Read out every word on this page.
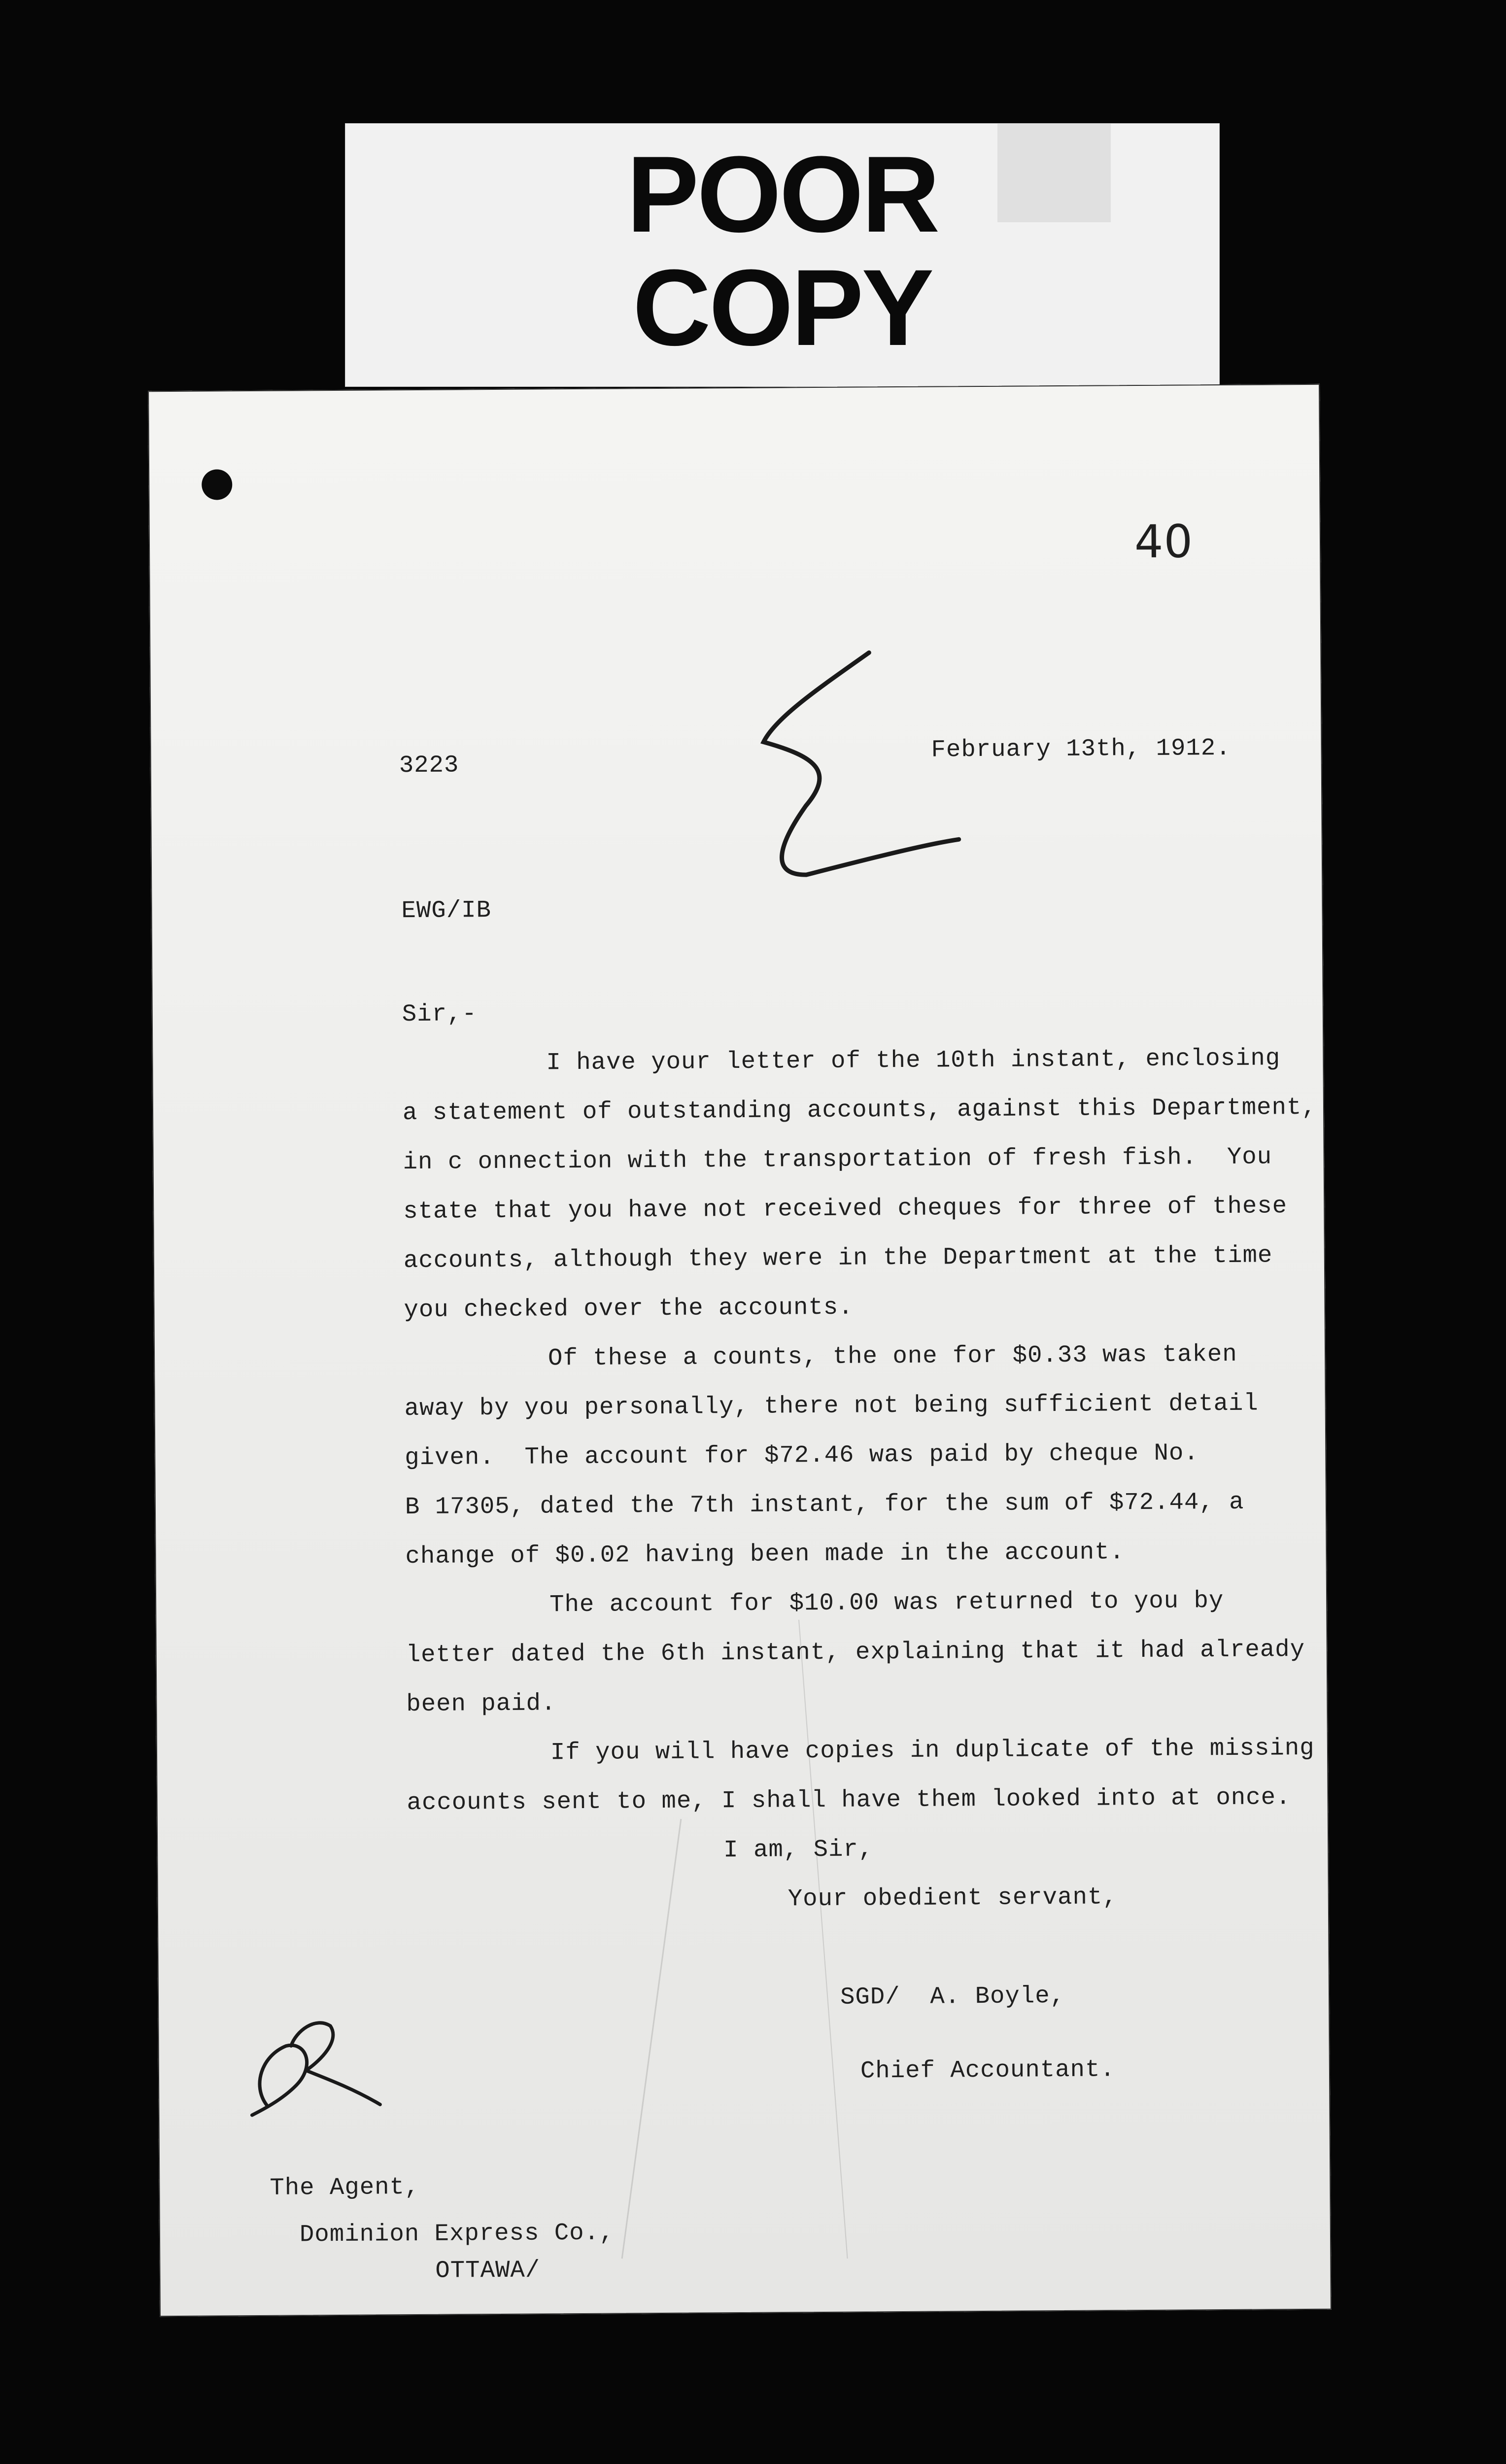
POOR
COPY
40
3223
February 13th, 1912.
EWG/IB
Sir,-
I have your letter of the 10th instant, enclosing
a statement of outstanding accounts, against this Department,
in c onnection with the transportation of fresh fish.  You
state that you have not received cheques for three of these
accounts, although they were in the Department at the time
you checked over the accounts.
Of these a counts, the one for $0.33 was taken
away by you personally, there not being sufficient detail
given.  The account for $72.46 was paid by cheque No.
B 17305, dated the 7th instant, for the sum of $72.44, a
change of $0.02 having been made in the account.
The account for $10.00 was returned to you by
letter dated the 6th instant, explaining that it had already
been paid.
If you will have copies in duplicate of the missing
accounts sent to me, I shall have them looked into at once.
I am, Sir,
Your obedient servant,
SGD/  A. Boyle,
Chief Accountant.
The Agent,
Dominion Express Co.,
OTTAWA/
